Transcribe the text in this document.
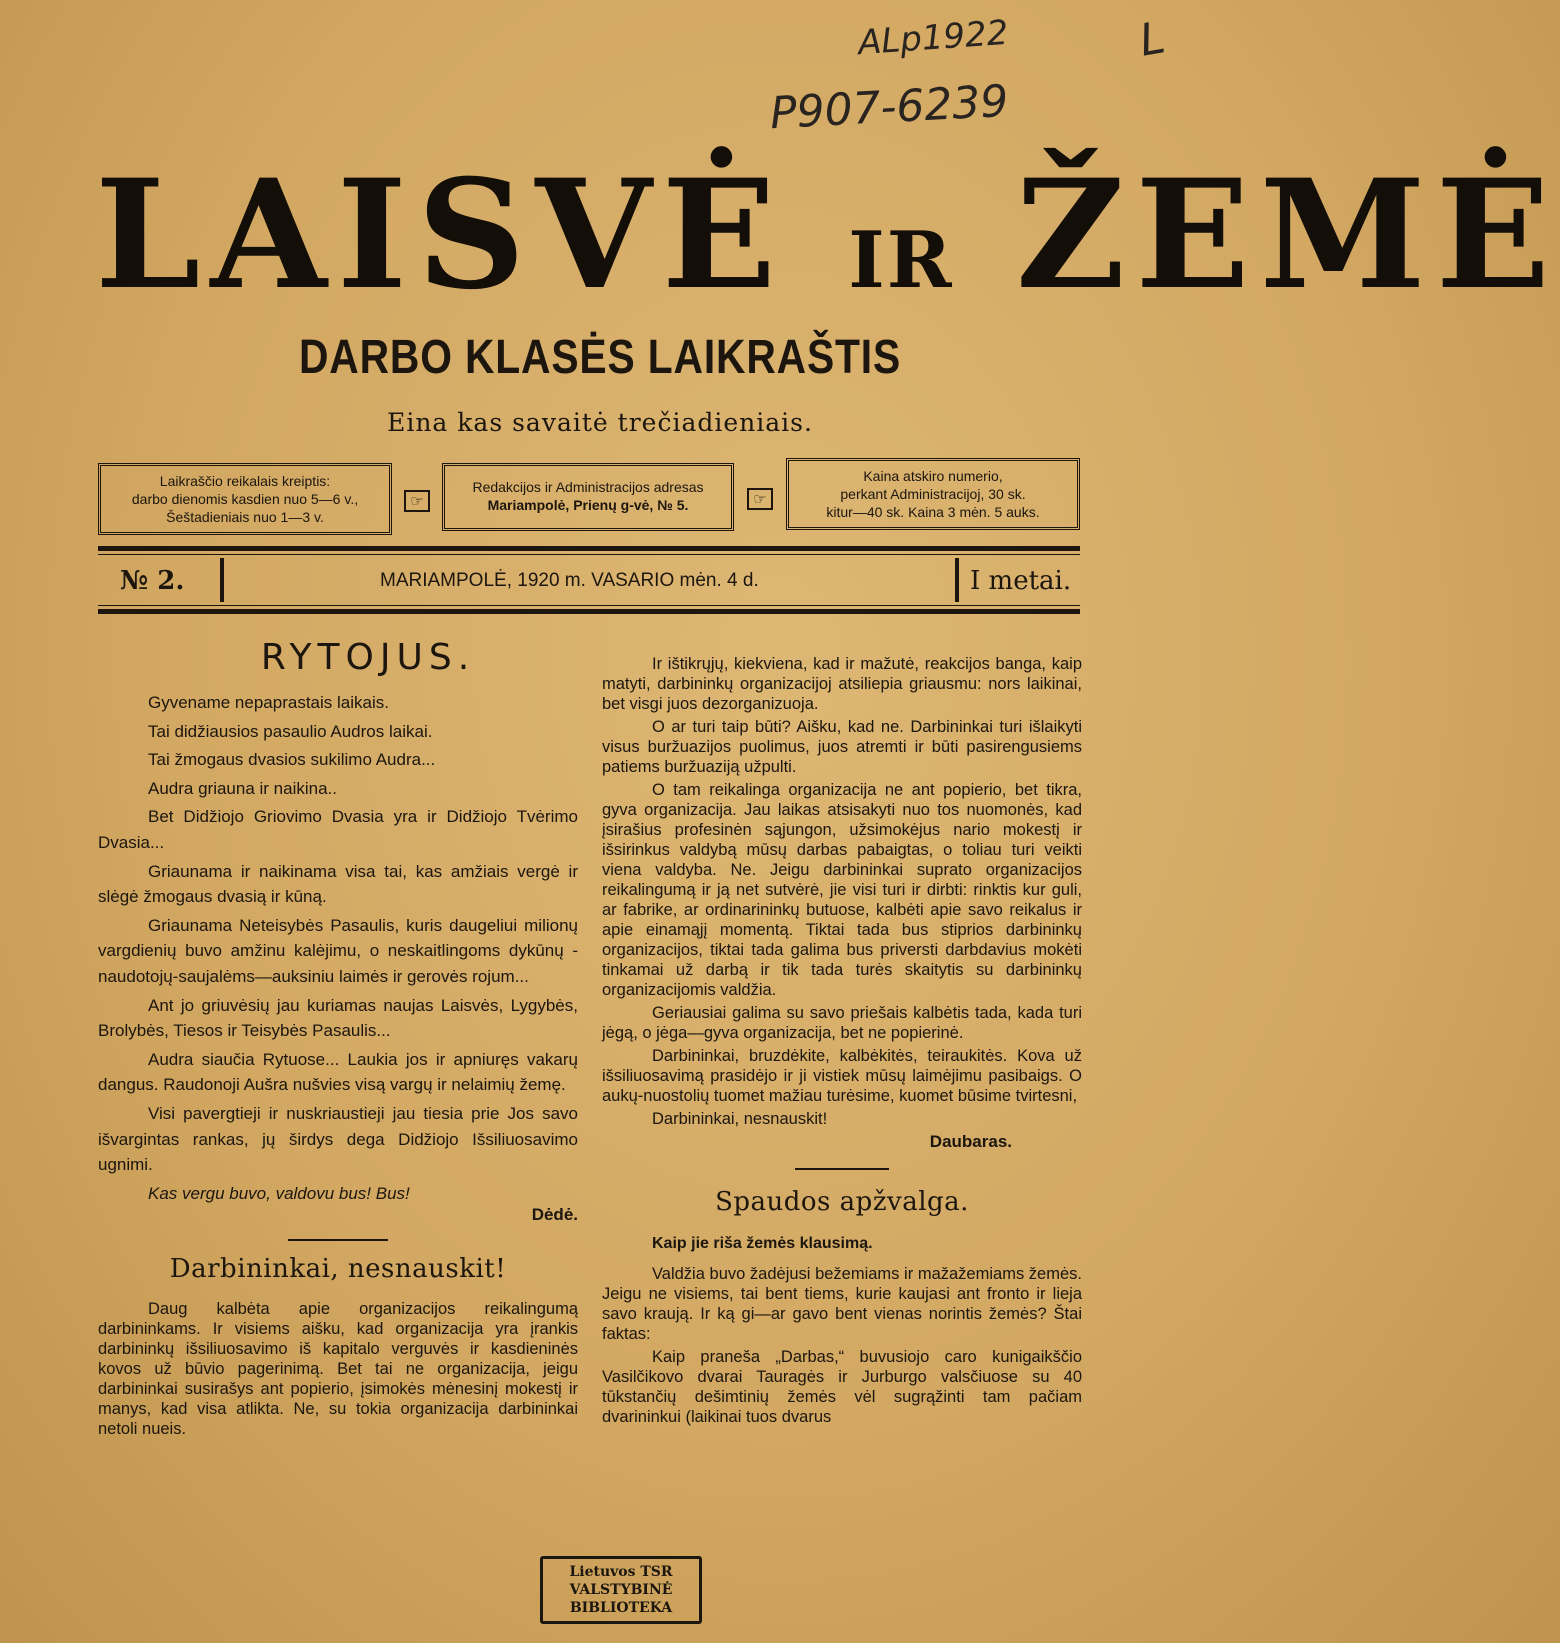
ALp1922
P907-6239
L
LAISVĖ IR ŽEMĖ
DARBO KLASĖS LAIKRAŠTIS
Eina kas savaitė trečiadieniais.
Laikraščio reikalais kreiptis:
darbo dienomis kasdien nuo 5—6 v.,
Šeštadieniais nuo 1—3 v.
☞
Redakcijos ir Administracijos adresas
Mariampolė, Prienų g-vė, № 5.	☞
Kaina atskiro numerio,
perkant Administracijoj, 30 sk.
kitur—40 sk. Kaina 3 mėn. 5 auks.
№ 2.	MARIAMPOLĖ, 1920 m. VASARIO mėn. 4 d.	I metai.
RYTOJUS.

Gyvename nepaprastais laikais.

Tai didžiausios pasaulio Audros laikai.

Tai žmogaus dvasios sukilimo Audra...

Audra griauna ir naikina..

Bet Didžiojo Griovimo Dvasia yra ir Didžiojo Tvėrimo Dvasia...

Griaunama ir naikinama visa tai, kas amžiais vergė ir slėgė žmogaus dvasią ir kūną.

Griaunama Neteisybės Pasaulis, kuris daugeliui milionų vargdienių buvo amžinu kalėjimu, o neskaitlingoms dykūnų - naudotojų-saujalėms—auksiniu laimės ir gerovės rojum...

Ant jo griuvėsių jau kuriamas naujas Laisvės, Lygybės, Brolybės, Tiesos ir Teisybės Pasaulis...

Audra siaučia Rytuose... Laukia jos ir apniuręs vakarų dangus. Raudonoji Aušra nušvies visą vargų ir nelaimių žemę.

Visi pavergtieji ir nuskriaustieji jau tiesia prie Jos savo išvargintas rankas, jų širdys dega Didžiojo Išsiliuosavimo ugnimi.

Kas vergu buvo, valdovu bus! Bus!

Dėdė.
Darbininkai, nesnauskit!

Daug kalbėta apie organizacijos reikalingumą darbininkams. Ir visiems aišku, kad organizacija yra įrankis darbininkų išsiliuosavimo iš kapitalo verguvės ir kasdieninės kovos už būvio pagerinimą. Bet tai ne organizacija, jeigu darbininkai susirašys ant popierio, įsimokės mėnesinį mokestį ir manys, kad visa atlikta. Ne, su tokia organizacija darbininkai netoli nueis.

Ir ištikrųjų, kiekviena, kad ir mažutė, reakcijos banga, kaip matyti, darbininkų organizacijoj atsiliepia griausmu: nors laikinai, bet visgi juos dezorganizuoja.

O ar turi taip būti? Aišku, kad ne. Darbininkai turi išlaikyti visus buržuazijos puolimus, juos atremti ir būti pasirengusiems patiems buržuaziją užpulti.

O tam reikalinga organizacija ne ant popierio, bet tikra, gyva organizacija. Jau laikas atsisakyti nuo tos nuomonės, kad įsirašius profesinėn sąjungon, užsimokėjus nario mokestį ir išsirinkus valdybą mūsų darbas pabaigtas, o toliau turi veikti viena valdyba. Ne. Jeigu darbininkai suprato organizacijos reikalingumą ir ją net sutvėrė, jie visi turi ir dirbti: rinktis kur guli, ar fabrike, ar ordinarininkų butuose, kalbėti apie savo reikalus ir apie einamąjį momentą. Tiktai tada bus stiprios darbininkų organizacijos, tiktai tada galima bus priversti darbdavius mokėti tinkamai už darbą ir tik tada turės skaitytis su darbininkų organizacijomis valdžia.

Geriausiai galima su savo priešais kalbėtis tada, kada turi jėgą, o jėga—gyva organizacija, bet ne popierinė.

Darbininkai, bruzdėkite, kalbėkitės, teiraukitės. Kova už išsiliuosavimą prasidėjo ir ji vistiek mūsų laimėjimu pasibaigs. O aukų-nuostolių tuomet mažiau turėsime, kuomet būsime tvirtesni,

Darbininkai, nesnauskit!

Daubaras.
Spaudos apžvalga.
Kaip jie riša žemės klausimą.

Valdžia buvo žadėjusi bežemiams ir mažažemiams žemės. Jeigu ne visiems, tai bent tiems, kurie kaujasi ant fronto ir lieja savo kraują. Ir ką gi—ar gavo bent vienas norintis žemės? Štai faktas:

Kaip praneša „Darbas,“ buvusiojo caro kunigaikščio Vasilčikovo dvarai Tauragės ir Jurburgo valsčiuose su 40 tūkstančių dešimtinių žemės vėl sugrąžinti tam pačiam dvarininkui (laikinai tuos dvarus

Lietuvos TSR
VALSTYBINĖ
BIBLIOTEKA
